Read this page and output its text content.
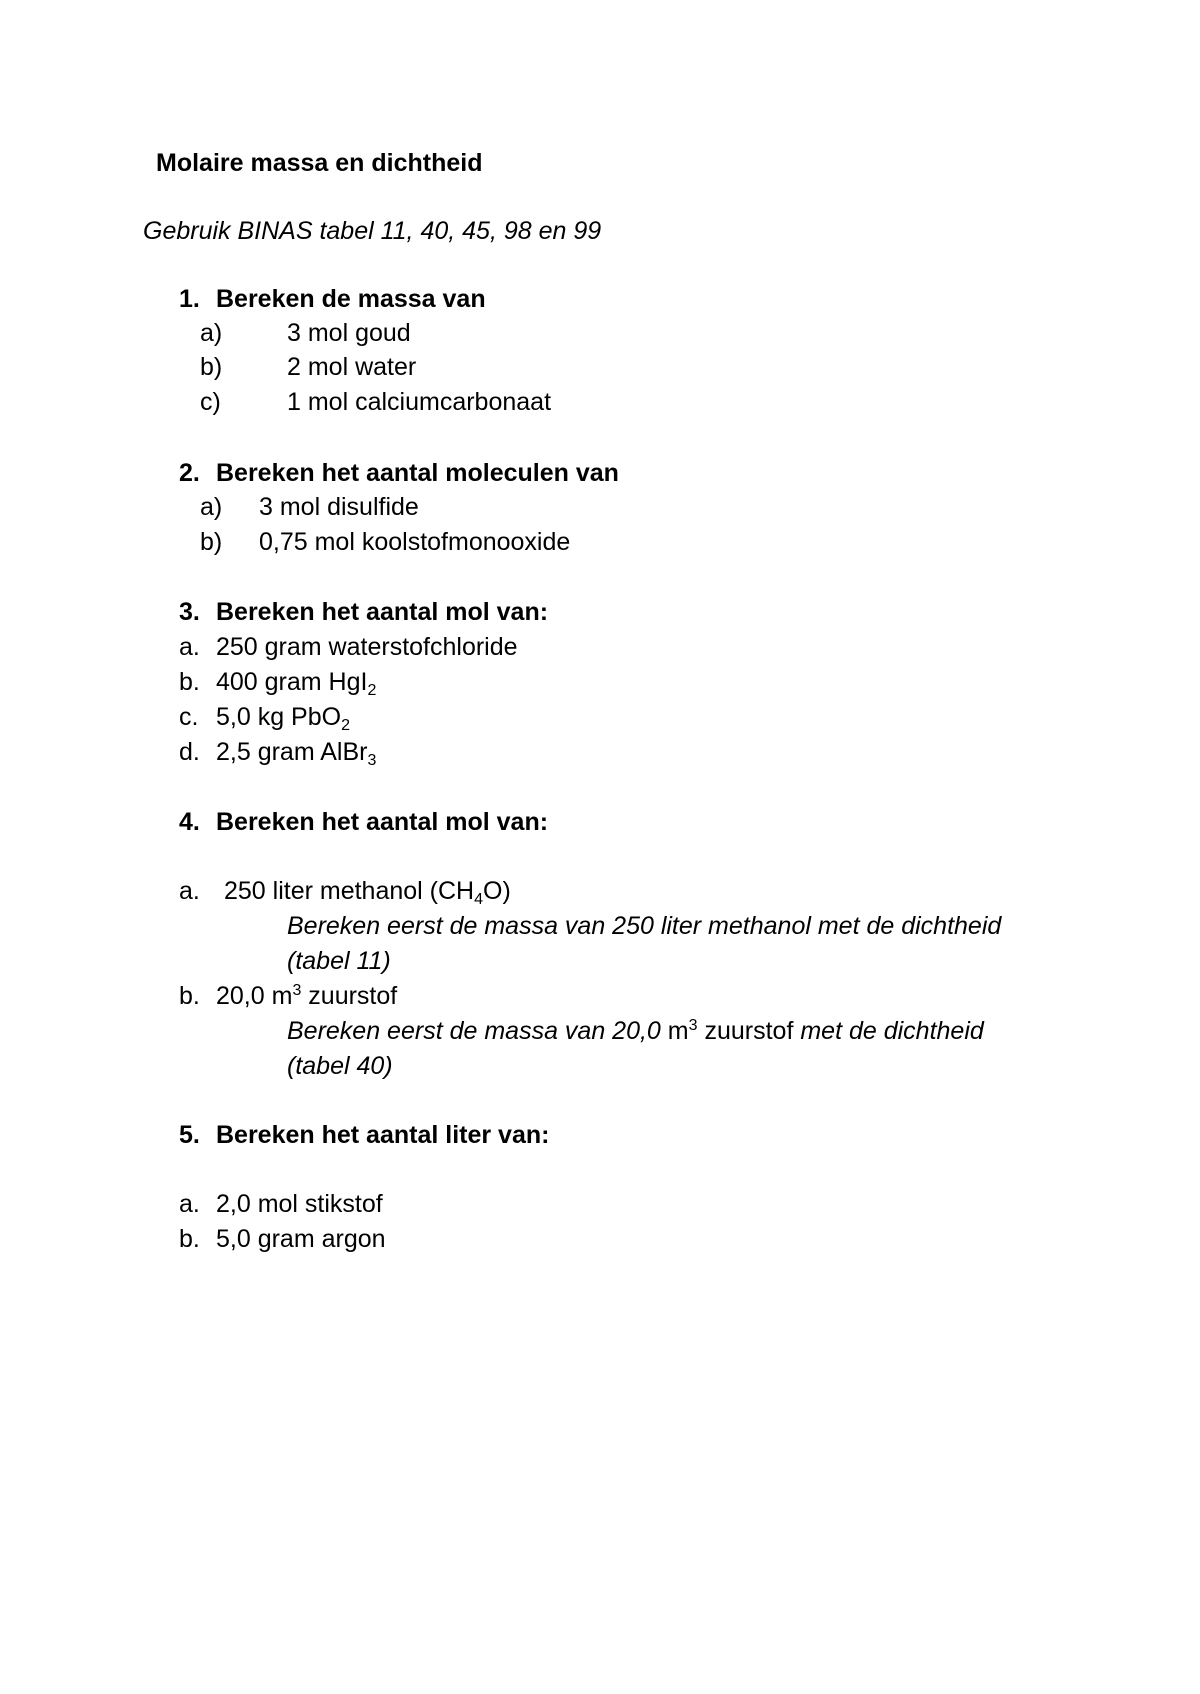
Molaire massa en dichtheid
Gebruik BINAS tabel 11, 40, 45, 98 en 99
1. Bereken de massa van
a)	3 mol goud
b)	2 mol water
c)	1 mol calciumcarbonaat
2. Bereken het aantal moleculen van
a) 3 mol disulfide
b) 0,75 mol koolstofmonooxide
3. Bereken het aantal mol van:
a. 250 gram waterstofchloride
b. 400 gram HgI$_2$
c. 5,0 kg PbO$_2$
d. 2,5 gram AlBr$_3$
4. Bereken het aantal mol van:
a. 250 liter methanol $(CH_4O)$
Bereken eerst de massa van 250 liter methanol met de dichtheid
(tabel 11)
b. 20,0 $m^3$ zuurstof
Bereken eerst de massa van 20,0 $m^3$ zuurstof met de dichtheid
(tabel 40)
5. Bereken het aantal liter van:
a. 2,0 mol stikstof
b. 5,0 gram argon
